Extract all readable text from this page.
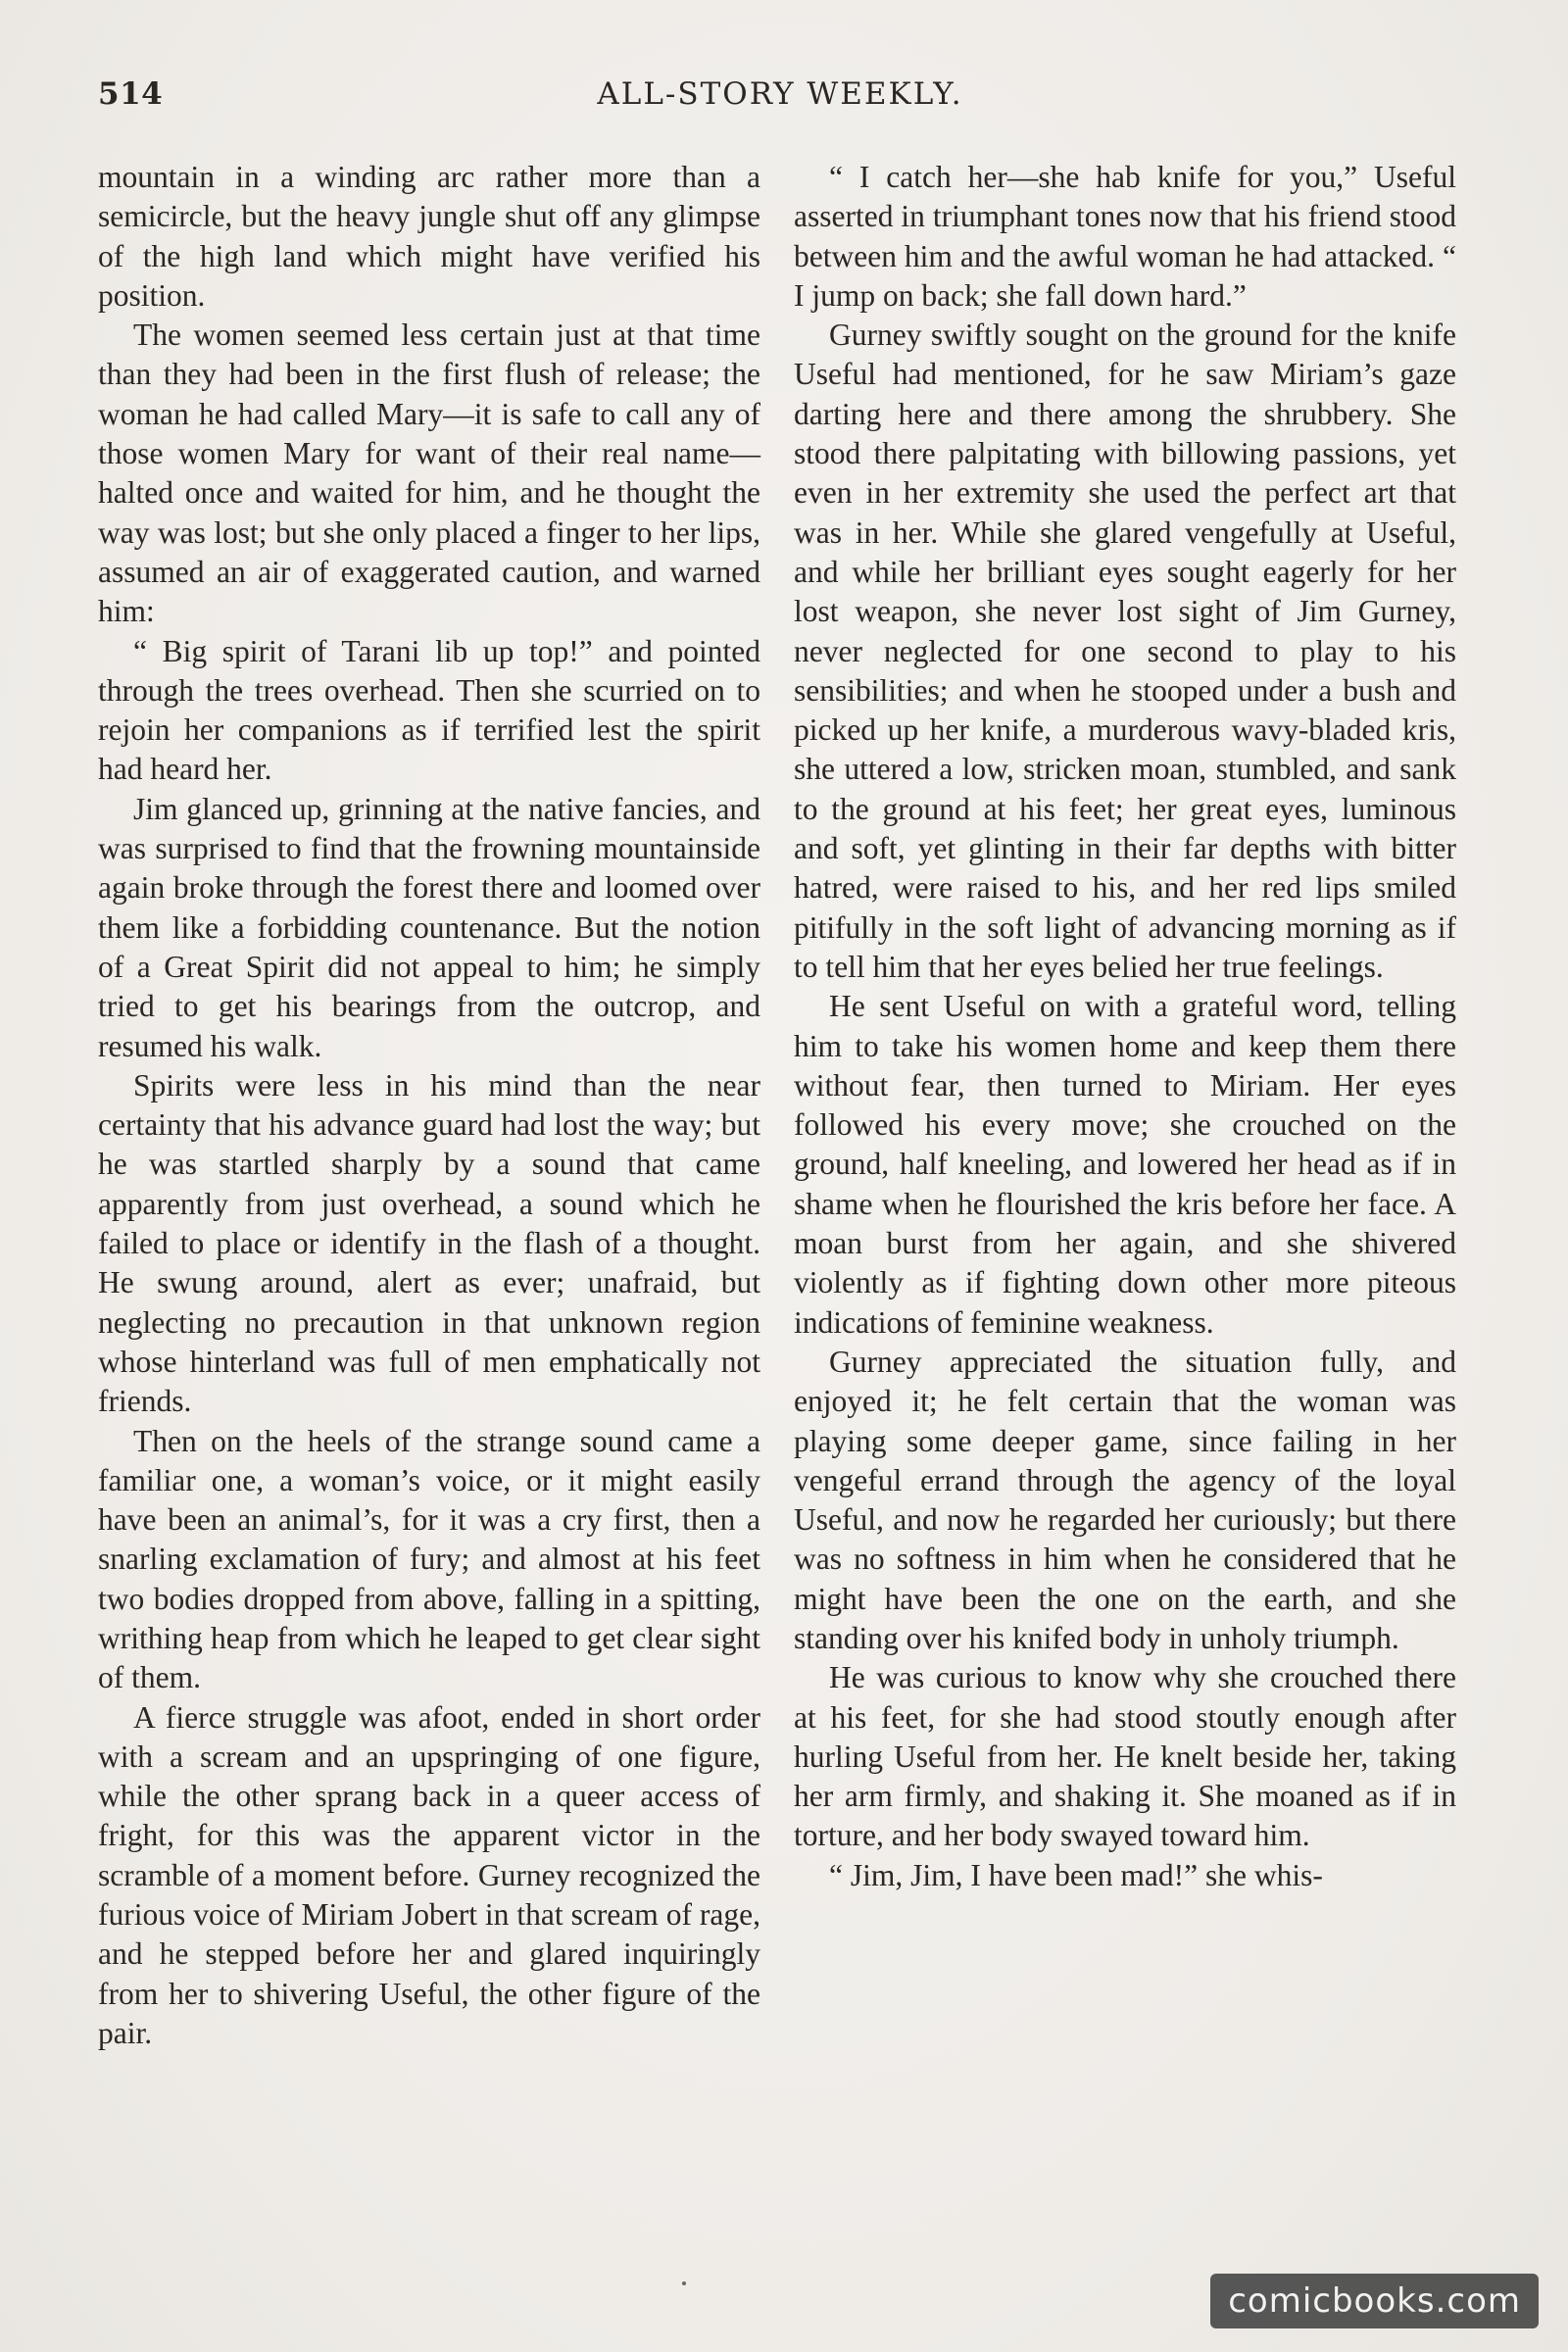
514	ALL-STORY WEEKLY.

mountain in a winding arc rather more than a semicircle, but the heavy jungle shut off any glimpse of the high land which might have verified his position.

The women seemed less certain just at that time than they had been in the first flush of release; the woman he had called Mary—it is safe to call any of those women Mary for want of their real name—halted once and waited for him, and he thought the way was lost; but she only placed a finger to her lips, assumed an air of exaggerated caution, and warned him:

“ Big spirit of Tarani lib up top!” and pointed through the trees overhead. Then she scurried on to rejoin her companions as if terrified lest the spirit had heard her.

Jim glanced up, grinning at the native fancies, and was surprised to find that the frowning mountainside again broke through the forest there and loomed over them like a forbidding countenance. But the notion of a Great Spirit did not appeal to him; he simply tried to get his bearings from the outcrop, and resumed his walk.

Spirits were less in his mind than the near certainty that his advance guard had lost the way; but he was startled sharply by a sound that came apparently from just overhead, a sound which he failed to place or identify in the flash of a thought. He swung around, alert as ever; unafraid, but neglecting no precaution in that unknown region whose hinterland was full of men emphatically not friends.

Then on the heels of the strange sound came a familiar one, a woman’s voice, or it might easily have been an animal’s, for it was a cry first, then a snarling exclamation of fury; and almost at his feet two bodies dropped from above, falling in a spitting, writhing heap from which he leaped to get clear sight of them.

A fierce struggle was afoot, ended in short order with a scream and an upspringing of one figure, while the other sprang back in a queer access of fright, for this was the apparent victor in the scramble of a moment before. Gurney recognized the furious voice of Miriam Jobert in that scream of rage, and he stepped before her and glared inquiringly from her to shivering Useful, the other figure of the pair.

“ I catch her—she hab knife for you,” Useful asserted in triumphant tones now that his friend stood between him and the awful woman he had attacked. “ I jump on back; she fall down hard.”

Gurney swiftly sought on the ground for the knife Useful had mentioned, for he saw Miriam’s gaze darting here and there among the shrubbery. She stood there palpitating with billowing passions, yet even in her extremity she used the perfect art that was in her. While she glared vengefully at Useful, and while her brilliant eyes sought eagerly for her lost weapon, she never lost sight of Jim Gurney, never neglected for one second to play to his sensibilities; and when he stooped under a bush and picked up her knife, a murderous wavy-bladed kris, she uttered a low, stricken moan, stumbled, and sank to the ground at his feet; her great eyes, luminous and soft, yet glinting in their far depths with bitter hatred, were raised to his, and her red lips smiled pitifully in the soft light of advancing morning as if to tell him that her eyes belied her true feelings.

He sent Useful on with a grateful word, telling him to take his women home and keep them there without fear, then turned to Miriam. Her eyes followed his every move; she crouched on the ground, half kneeling, and lowered her head as if in shame when he flourished the kris before her face. A moan burst from her again, and she shivered violently as if fighting down other more piteous indications of feminine weakness.

Gurney appreciated the situation fully, and enjoyed it; he felt certain that the woman was playing some deeper game, since failing in her vengeful errand through the agency of the loyal Useful, and now he regarded her curiously; but there was no softness in him when he considered that he might have been the one on the earth, and she standing over his knifed body in unholy triumph.

He was curious to know why she crouched there at his feet, for she had stood stoutly enough after hurling Useful from her. He knelt beside her, taking her arm firmly, and shaking it. She moaned as if in torture, and her body swayed toward him.

“ Jim, Jim, I have been mad!” she whis-

comicbooks.com
